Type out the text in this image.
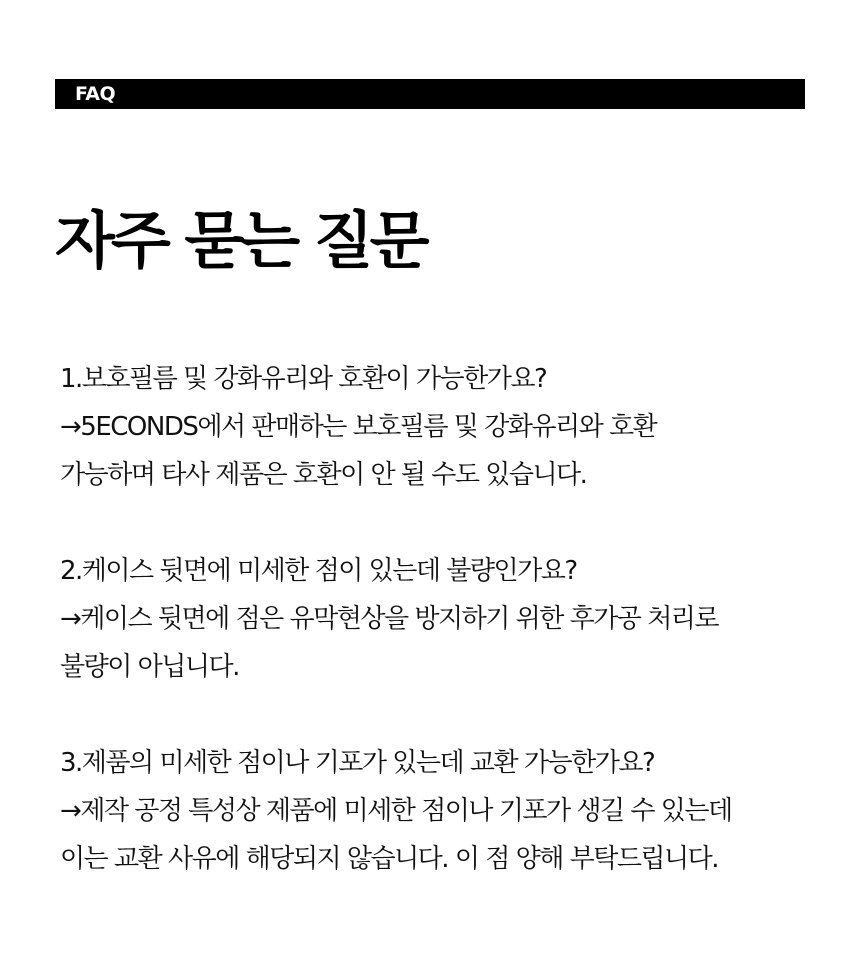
FAQ
자주 묻는 질문
1.보호필름 및 강화유리와 호환이 가능한가요?
→5ECONDS에서 판매하는 보호필름 및 강화유리와 호환
가능하며 타사 제품은 호환이 안 될 수도 있습니다.
2.케이스 뒷면에 미세한 점이 있는데 불량인가요?
→케이스 뒷면에 점은 유막현상을 방지하기 위한 후가공 처리로
불량이 아닙니다.
3.제품의 미세한 점이나 기포가 있는데 교환 가능한가요?
→제작 공정 특성상 제품에 미세한 점이나 기포가 생길 수 있는데
이는 교환 사유에 해당되지 않습니다. 이 점 양해 부탁드립니다.
